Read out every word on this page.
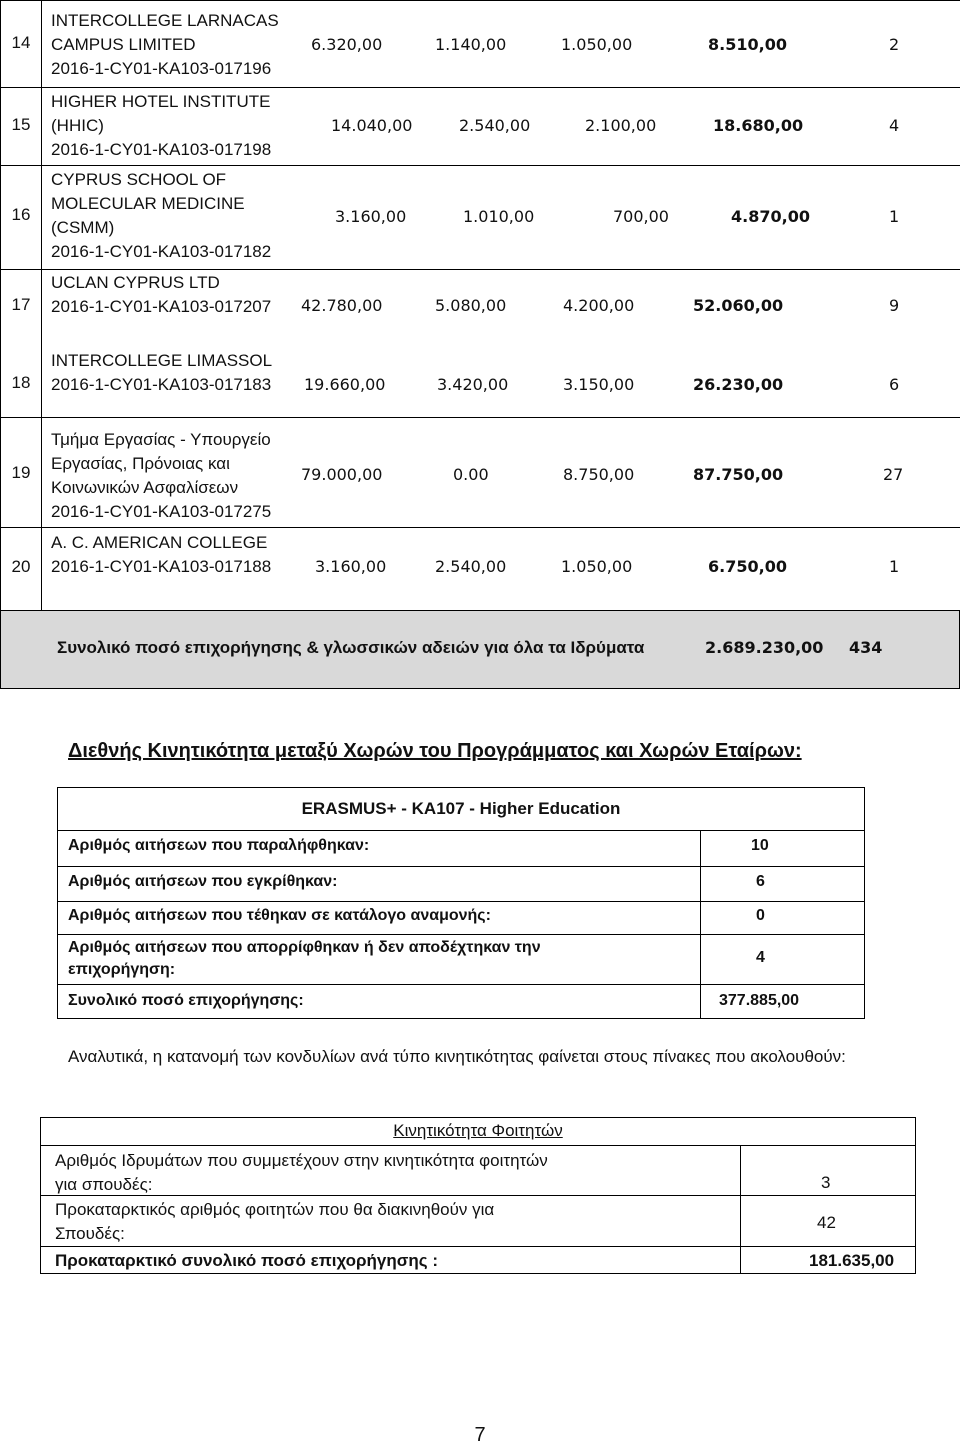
14
INTERCOLLEGE LARNACAS
CAMPUS LIMITED
2016-1-CY01-KA103-017196
6.320,00	1.140,00	1.050,00	8.510,00	2
15
HIGHER HOTEL INSTITUTE
(HHIC)
2016-1-CY01-KA103-017198
14.040,00	2.540,00	2.100,00	18.680,00	4
16
CYPRUS SCHOOL OF
MOLECULAR MEDICINE
(CSMM)
2016-1-CY01-KA103-017182
3.160,00	1.010,00	700,00	4.870,00	1
17
UCLAN CYPRUS LTD
2016-1-CY01-KA103-017207 42.780,00	5.080,00	4.200,00	52.060,00	9
18
INTERCOLLEGE LIMASSOL
2016-1-CY01-KA103-017183 19.660,00	3.420,00	3.150,00	26.230,00	6
19
Τμήμα Εργασίας - Υπουργείο
Εργασίας, Πρόνοιας και
Κοινωνικών Ασφαλίσεων
2016-1-CY01-KA103-017275
79.000,00	0.00	8.750,00	87.750,00	27
20
A. C. AMERICAN COLLEGE
2016-1-CY01-KA103-017188	3.160,00	2.540,00	1.050,00	6.750,00	1
Συνολικό ποσό επιχορήγησης & γλωσσικών αδειών για όλα τα Ιδρύματα	2.689.230,00 434
Διεθνής Κινητικότητα μεταξύ Χωρών του Προγράμματος και Χωρών Εταίρων:
ERASMUS+ - KA107 - Higher Education
Αριθμός αιτήσεων που παραλήφθηκαν:	10
Αριθμός αιτήσεων που εγκρίθηκαν:	6
Αριθμός αιτήσεων που τέθηκαν σε κατάλογο αναμονής:	0
Αριθμός αιτήσεων που απορρίφθηκαν ή δεν αποδέχτηκαν την
επιχορήγηση:
4
Συνολικό ποσό επιχορήγησης:	377.885,00
Αναλυτικά, η κατανομή των κονδυλίων ανά τύπο κινητικότητας φαίνεται στους πίνακες που ακολουθούν:
Κινητικότητα Φοιτητών
Αριθμός Ιδρυμάτων που συμμετέχουν στην κινητικότητα φοιτητών
για σπουδές:	3
Προκαταρκτικός αριθμός φοιτητών που θα διακινηθούν για
Σπουδές:
42
Προκαταρκτικό συνολικό ποσό επιχορήγησης :	181.635,00
7
